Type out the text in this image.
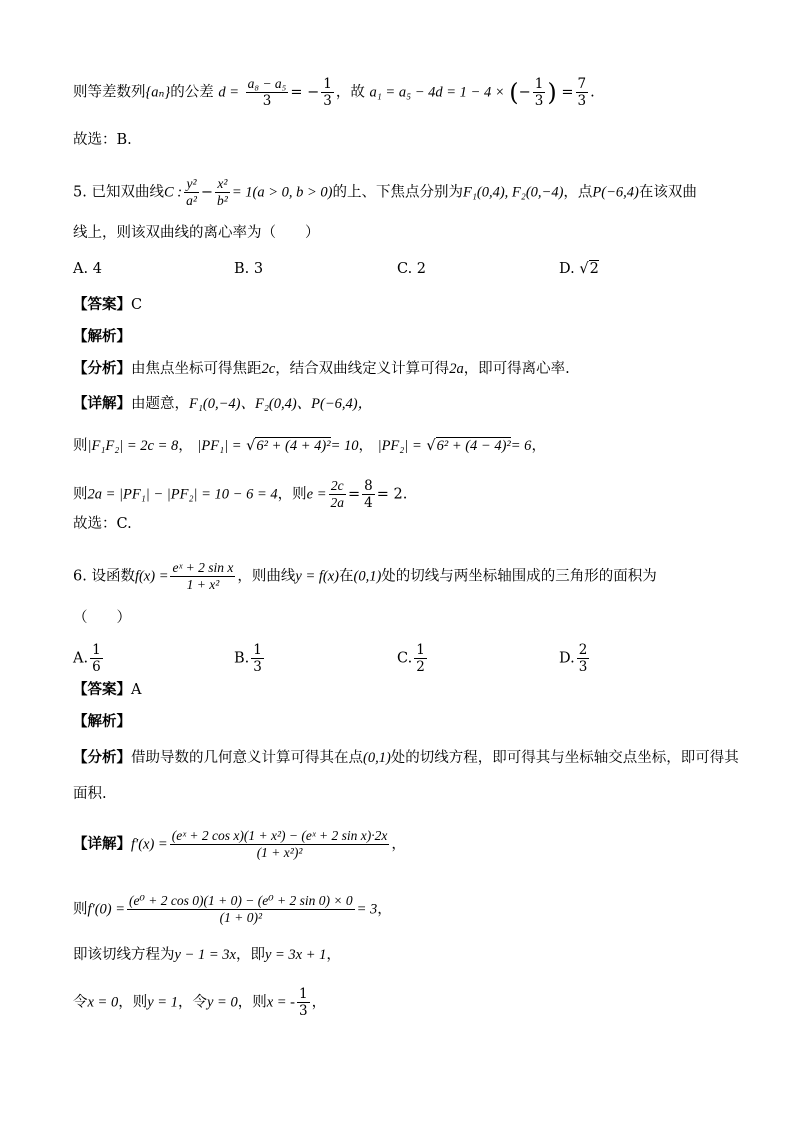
则等差数列{aₙ}的公差 $d = \frac{\text{a₈ − a₅}}{3}$ = − $\frac{1}{3}$ ，故 a₁ = a₅ − 4d = 1 − 4 × (− $\frac{1}{3}$ ) = $\frac{7}{3}$ .
故选：B.
5. 已知双曲线C : $\frac{\text{y²}}{\text{a²}} - \frac{\text{x²}}{\text{b²}} = 1(a > 0$, b > 0)的上、下焦点分别为F₁(0,4), F₂(0,−4)，点P(−6,4)在该双曲
线上，则该双曲线的离心率为（　　）
A. 4	B. 3	C. 2	D. √2
【答案】C
【解析】
【分析】由焦点坐标可得焦距2c，结合双曲线定义计算可得2a，即可得离心率.
【详解】由题意，F₁(0,−4)、F₂(0,4)、P(−6,4)，
则|F₁F₂| = 2c = 8， |PF₁| = √6² + (4 + 4)²= 10， |PF₂| = √6² + (4 − 4)²= 6，
则2a = |PF₁| − |PF₂| = 10 − 6 = 4，则$e = \frac{2c}{2a} = \frac{8}{4} = 2$.
故选：C.
6. 设函数$f(x) = \frac{\text{eˣ + 2 sin x}}{\text{1 + x²}}$ ，则曲线y = f(x)在(0,1)处的切线与两坐标轴围成的三角形的面积为
（　　）
A. $\frac{1}{6}$	B. $\frac{1}{3}$	C. $\frac{1}{2}$	D. $\frac{2}{3}$
【答案】A
【解析】
【分析】借助导数的几何意义计算可得其在点(0,1)处的切线方程，即可得其与坐标轴交点坐标，即可得其
面积.
【详解】$f'(x) = \frac{\text{(eˣ + 2 cos x)(1 + x²) − (eˣ + 2 sin x)·2x}}{\text{(1 + x²)²}}$ ，
则$f'(0) = \frac{\text{(e⁰ + 2 cos 0)(1 + 0) − (e⁰ + 2 sin 0) × 0}}{\text{(1 + 0)²}} = 3$，
即该切线方程为y − 1 = 3x，即y = 3x + 1，
令x = 0，则y = 1，令y = 0，则x = - $\frac{1}{3}$ ，
